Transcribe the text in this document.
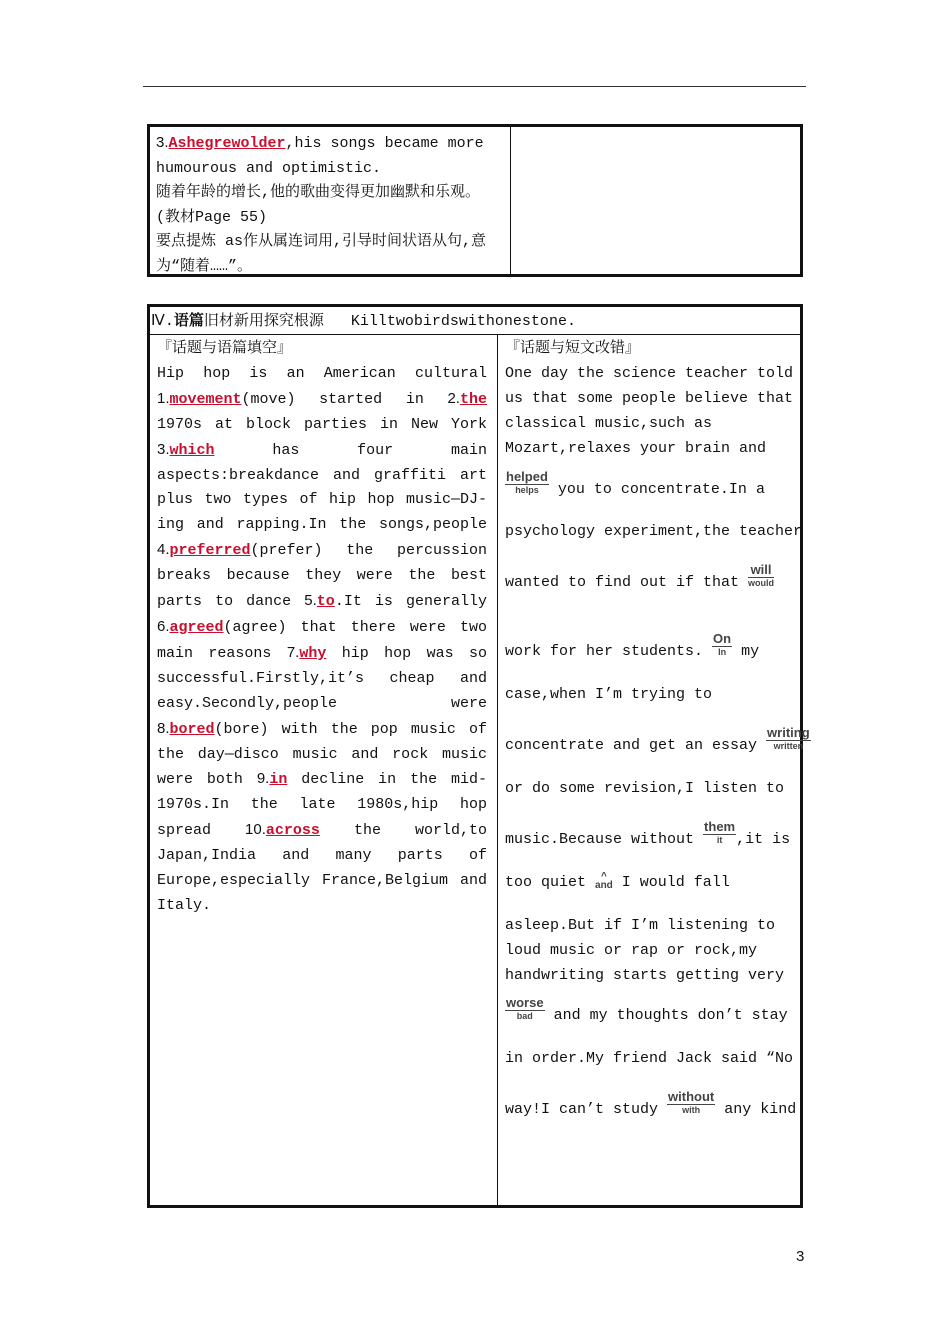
3.Ashegrewolder,his songs became more humourous and optimistic.
随着年龄的增长,他的歌曲变得更加幽默和乐观。(教材Page 55)
要点提炼 as作从属连词用,引导时间状语从句,意为“随着……”。
Ⅳ.语篇旧材新用探究根源 Killtwobirdswithonestone.
『话题与语篇填空』
Hip hop is an American cultural 1.movement(move) started in 2.the 1970s at block parties in New York 3.which has four main aspects:breakdance and graffiti art plus two types of hip hop music—DJ-ing and rapping.In the songs,people 4.preferred(prefer) the percussion breaks because they were the best parts to dance 5.to.It is generally 6.agreed(agree) that there were two main reasons 7.why hip hop was so successful.Firstly,it’s cheap and easy.Secondly,people were 8.bored(bore) with the pop music of the day—disco music and rock music were both 9.in decline in the mid-1970s.In the late 1980s,hip hop spread 10.across the world,to Japan,India and many parts of Europe,especially France,Belgium and Italy.
『话题与短文改错』
One day the science teacher told
us that some people believe that
classical music,such as
Mozart,relaxes your brain and
helped
helps you to concentrate.In a
psychology experiment,the teacher
wanted to find out if that
will
would
work for her students.
On
In my
case,when I’m trying to
concentrate and get an essay
writing
written
or do some revision,I listen to
music.Because without
them
it ,it is
too quiet ^
and I would fall
asleep.But if I’m listening to
loud music or rap or rock,my
handwriting starts getting very
worse
bad and my thoughts don’t stay
in order.My friend Jack said “No
way!I can’t study
without
with	any kind
3
